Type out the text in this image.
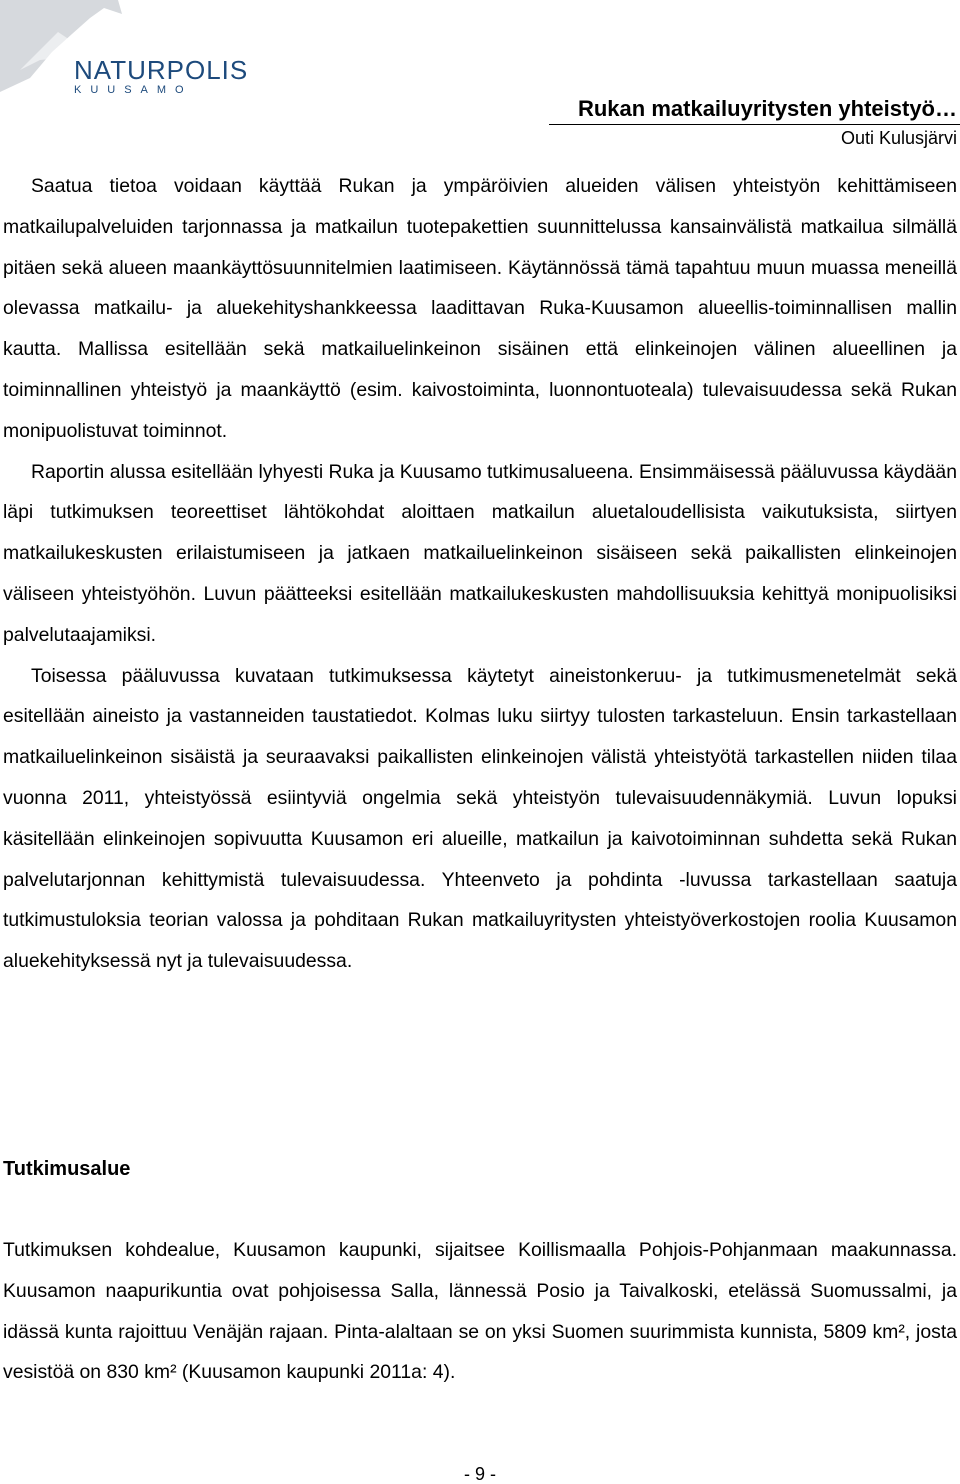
NATURPOLIS
KUUSAMO
Rukan matkailuyritysten yhteistyö…
Outi Kulusjärvi

Saatua tietoa voidaan käyttää Rukan ja ympäröivien alueiden välisen yhteistyön kehittämiseen matkailupalveluiden tarjonnassa ja matkailun tuotepakettien suunnittelussa kansainvälistä matkailua silmällä pitäen sekä alueen maankäyttösuunnitelmien laatimiseen. Käytännössä tämä tapahtuu muun muassa meneillä olevassa matkailu- ja aluekehityshankkeessa laadittavan Ruka-Kuusamon alueellis-toiminnallisen mallin kautta. Mallissa esitellään sekä matkailuelinkeinon sisäinen että elinkeinojen välinen alueellinen ja toiminnallinen yhteistyö ja maankäyttö (esim. kaivostoiminta, luonnontuoteala) tulevaisuudessa sekä Rukan monipuolistuvat toiminnot.

Raportin alussa esitellään lyhyesti Ruka ja Kuusamo tutkimusalueena. Ensimmäisessä pääluvussa käydään läpi tutkimuksen teoreettiset lähtökohdat aloittaen matkailun aluetaloudellisista vaikutuksista, siirtyen matkailukeskusten erilaistumiseen ja jatkaen matkailuelinkeinon sisäiseen sekä paikallisten elinkeinojen väliseen yhteistyöhön. Luvun päätteeksi esitellään matkailukeskusten mahdollisuuksia kehittyä monipuolisiksi palvelutaajamiksi.

Toisessa pääluvussa kuvataan tutkimuksessa käytetyt aineistonkeruu- ja tutkimusmenetelmät sekä esitellään aineisto ja vastanneiden taustatiedot. Kolmas luku siirtyy tulosten tarkasteluun. Ensin tarkastellaan matkailuelinkeinon sisäistä ja seuraavaksi paikallisten elinkeinojen välistä yhteistyötä tarkastellen niiden tilaa vuonna 2011, yhteistyössä esiintyviä ongelmia sekä yhteistyön tulevaisuudennäkymiä. Luvun lopuksi käsitellään elinkeinojen sopivuutta Kuusamon eri alueille, matkailun ja kaivotoiminnan suhdetta sekä Rukan palvelutarjonnan kehittymistä tulevaisuudessa. Yhteenveto ja pohdinta -luvussa tarkastellaan saatuja tutkimustuloksia teorian valossa ja pohditaan Rukan matkailuyritysten yhteistyöverkostojen roolia Kuusamon aluekehityksessä nyt ja tulevaisuudessa.

Tutkimusalue

Tutkimuksen kohdealue, Kuusamon kaupunki, sijaitsee Koillismaalla Pohjois-Pohjanmaan maakunnassa. Kuusamon naapurikuntia ovat pohjoisessa Salla, lännessä Posio ja Taivalkoski, etelässä Suomussalmi, ja idässä kunta rajoittuu Venäjän rajaan. Pinta-alaltaan se on yksi Suomen suurimmista kunnista, 5809 km², josta vesistöä on 830 km² (Kuusamon kaupunki 2011a: 4).

- 9 -
